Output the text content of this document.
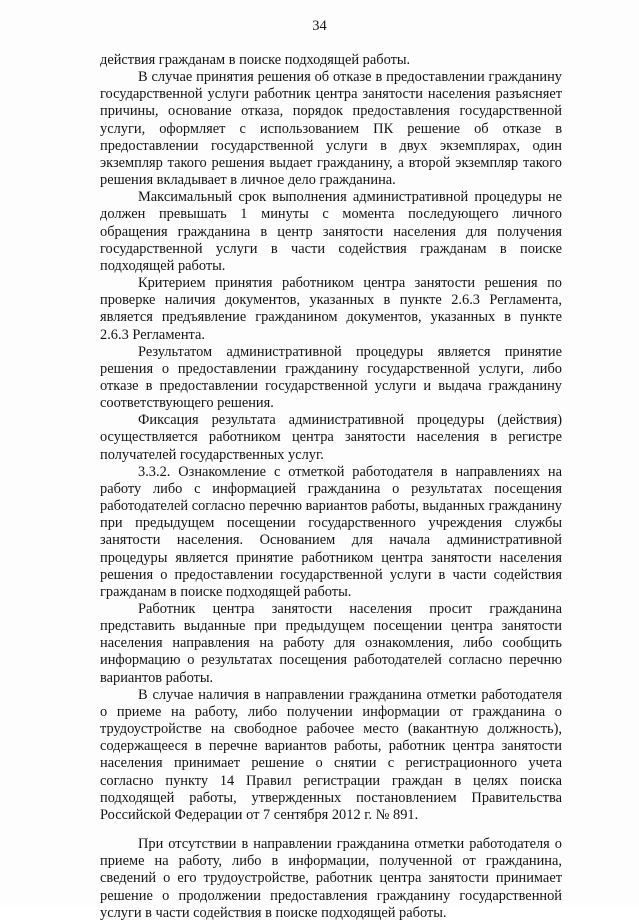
34

действия гражданам в поиске подходящей работы.

В случае принятия решения об отказе в предоставлении гражданину государственной услуги работник центра занятости населения разъясняет причины, основание отказа, порядок предоставления государственной услуги, оформляет с использованием ПК решение об отказе в предоставлении государственной услуги в двух экземплярах, один экземпляр такого решения выдает гражданину, а второй экземпляр такого решения вкладывает в личное дело гражданина.

Максимальный срок выполнения административной процедуры не должен превышать 1 минуты с момента последующего личного обращения гражданина в центр занятости населения для получения государственной услуги в части содействия гражданам в поиске подходящей работы.

Критерием принятия работником центра занятости решения по проверке наличия документов, указанных в пункте 2.6.3 Регламента, является предъявление гражданином документов, указанных в пункте 2.6.3 Регламента.

Результатом административной процедуры является принятие решения о предоставлении гражданину государственной услуги, либо отказе в предоставлении государственной услуги и выдача гражданину соответствующего решения.

Фиксация результата административной процедуры (действия) осуществляется работником центра занятости населения в регистре получателей государственных услуг.

3.3.2. Ознакомление с отметкой работодателя в направлениях на работу либо с информацией гражданина о результатах посещения работодателей согласно перечню вариантов работы, выданных гражданину при предыдущем посещении государственного учреждения службы занятости населения. Основанием для начала административной процедуры является принятие работником центра занятости населения решения о предоставлении государственной услуги в части содействия гражданам в поиске подходящей работы.

Работник центра занятости населения просит гражданина представить выданные при предыдущем посещении центра занятости населения направления на работу для ознакомления, либо сообщить информацию о результатах посещения работодателей согласно перечню вариантов работы.

В случае наличия в направлении гражданина отметки работодателя о приеме на работу, либо получении информации от гражданина о трудоустройстве на свободное рабочее место (вакантную должность), содержащееся в перечне вариантов работы, работник центра занятости населения принимает решение о снятии с регистрационного учета согласно пункту 14 Правил регистрации граждан в целях поиска подходящей работы, утвержденных постановлением Правительства Российской Федерации от 7 сентября 2012 г. № 891.

При отсутствии в направлении гражданина отметки работодателя о приеме на работу, либо в информации, полученной от гражданина, сведений о его трудоустройстве, работник центра занятости принимает решение о продолжении предоставления гражданину государственной услуги в части содействия в поиске подходящей работы.
